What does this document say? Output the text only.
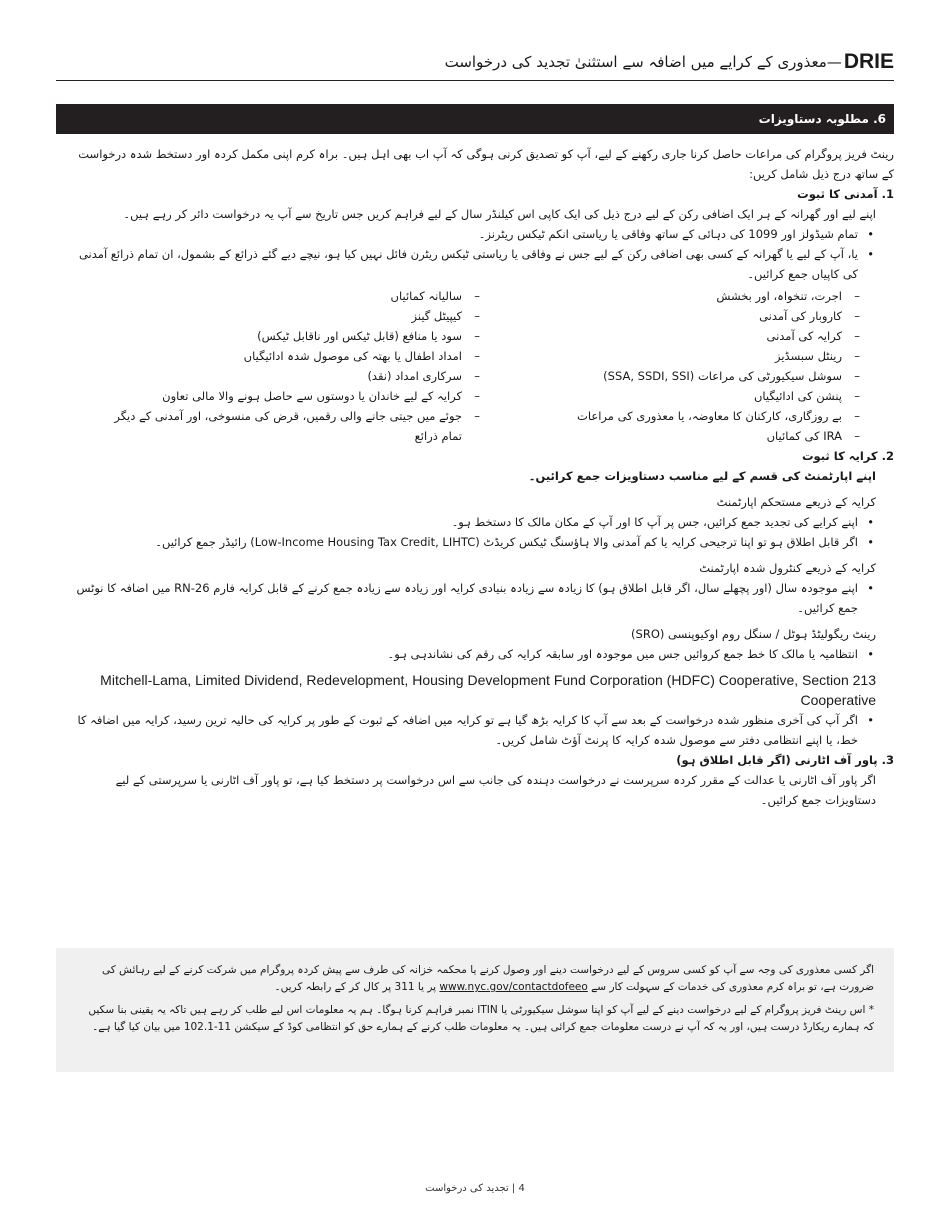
DRIE
—معذوری کے کرایے میں اضافہ سے استثنیٰ تجدید کی درخواست
6. مطلوبہ دستاویزات

رینٹ فریز پروگرام کی مراعات حاصل کرنا جاری رکھنے کے لیے، آپ کو تصدیق کرنی ہوگی کہ آپ اب بھی اہل ہیں۔ براہ کرم اپنی مکمل کردہ اور دستخط شدہ درخواست کے ساتھ درج ذیل شامل کریں:

1. آمدنی کا ثبوت

اپنے لیے اور گھرانہ کے ہر ایک اضافی رکن کے لیے درج ذیل کی ایک کاپی اس کیلنڈر سال کے لیے فراہم کریں جس تاریخ سے آپ یہ درخواست دائر کر رہے ہیں۔

• تمام شیڈولز اور 1099 کی دہائی کے ساتھ وفاقی یا ریاستی انکم ٹیکس ریٹرنز۔
• یا، آپ کے لیے یا گھرانہ کے کسی بھی اضافی رکن کے لیے جس نے وفاقی یا ریاستی ٹیکس ریٹرن فائل نہیں کیا ہو، نیچے دیے گئے ذرائع کے بشمول، ان تمام ذرائع آمدنی کی کاپیاں جمع کرائیں۔
– اجرت، تنخواہ، اور بخشش
– کاروبار کی آمدنی
– کرایہ کی آمدنی
– رینٹل سبسڈیز
– سوشل سیکیورٹی کی مراعات (SSA, SSDI, SSI)
– پنشن کی ادائیگیاں
– بے روزگاری، کارکنان کا معاوضہ، یا معذوری کی مراعات
– IRA کی کمائیاں
– سالیانہ کمائیاں
– کیپیٹل گینز
– سود یا منافع (قابل ٹیکس اور ناقابل ٹیکس)
– امداد اطفال یا بھتہ کی موصول شدہ ادائیگیاں
– سرکاری امداد (نقد)
– کرایہ کے لیے خاندان یا دوستوں سے حاصل ہونے والا مالی تعاون
– جوئے میں جیتی جانے والی رقمیں، قرض کی منسوخی، اور آمدنی کے دیگر تمام ذرائع

2. کرایہ کا ثبوت

اپنے اپارٹمنٹ کی قسم کے لیے مناسب دستاویزات جمع کرائیں۔

کرایہ کے ذریعے مستحکم اپارٹمنٹ

• اپنے کرایے کی تجدید جمع کرائیں، جس پر آپ کا اور آپ کے مکان مالک کا دستخط ہو۔
• اگر قابل اطلاق ہو تو اپنا ترجیحی کرایہ یا کم آمدنی والا ہاؤسنگ ٹیکس کریڈٹ (Low-Income Housing Tax Credit, LIHTC) رائیڈر جمع کرائیں۔

کرایہ کے ذریعے کنٹرول شدہ اپارٹمنٹ

• اپنے موجودہ سال (اور پچھلے سال، اگر قابل اطلاق ہو) کا زیادہ سے زیادہ بنیادی کرایہ اور زیادہ سے زیادہ جمع کرنے کے قابل کرایہ فارم RN-26 میں اضافہ کا نوٹس جمع کرائیں۔

رینٹ ریگولیٹڈ ہوٹل / سنگل روم اوکیوپنسی (SRO)

• انتظامیہ یا مالک کا خط جمع کروائیں جس میں موجودہ اور سابقہ کرایہ کی رقم کی نشاندہی ہو۔

Mitchell-Lama, Limited Dividend, Redevelopment, Housing Development Fund Corporation (HDFC) Cooperative, Section 213 Cooperative

• اگر آپ کی آخری منظور شدہ درخواست کے بعد سے آپ کا کرایہ بڑھ گیا ہے تو کرایہ میں اضافہ کے ثبوت کے طور پر کرایہ کی حالیہ ترین رسید، کرایہ میں اضافہ کا خط، یا اپنے انتظامی دفتر سے موصول شدہ کرایہ کا پرنٹ آؤٹ شامل کریں۔

3. پاور آف اٹارنی (اگر قابل اطلاق ہو)

اگر پاور آف اٹارنی یا عدالت کے مقرر کردہ سرپرست نے درخواست دہندہ کی جانب سے اس درخواست پر دستخط کیا ہے، تو پاور آف اٹارنی یا سرپرستی کے لیے دستاویزات جمع کرائیں۔

اگر کسی معذوری کی وجہ سے آپ کو کسی سروس کے لیے درخواست دینے اور وصول کرنے یا محکمہ خزانہ کی طرف سے پیش کردہ پروگرام میں شرکت کرنے کے لیے رہائش کی ضرورت ہے، تو براہ کرم معذوری کی خدمات کے سہولت کار سے www.nyc.gov/contactdofeeo پر یا 311 پر کال کر کے رابطہ کریں۔

* اس رینٹ فریز پروگرام کے لیے درخواست دینے کے لیے آپ کو اپنا سوشل سیکیورٹی یا ITIN نمبر فراہم کرنا ہوگا۔ ہم یہ معلومات اس لیے طلب کر رہے ہیں تاکہ یہ یقینی بنا سکیں کہ ہمارے ریکارڈ درست ہیں، اور یہ کہ آپ نے درست معلومات جمع کرائی ہیں۔ یہ معلومات طلب کرنے کے ہمارے حق کو انتظامی کوڈ کے سیکشن 11-102.1 میں بیان کیا گیا ہے۔

4 | تجدید کی درخواست
